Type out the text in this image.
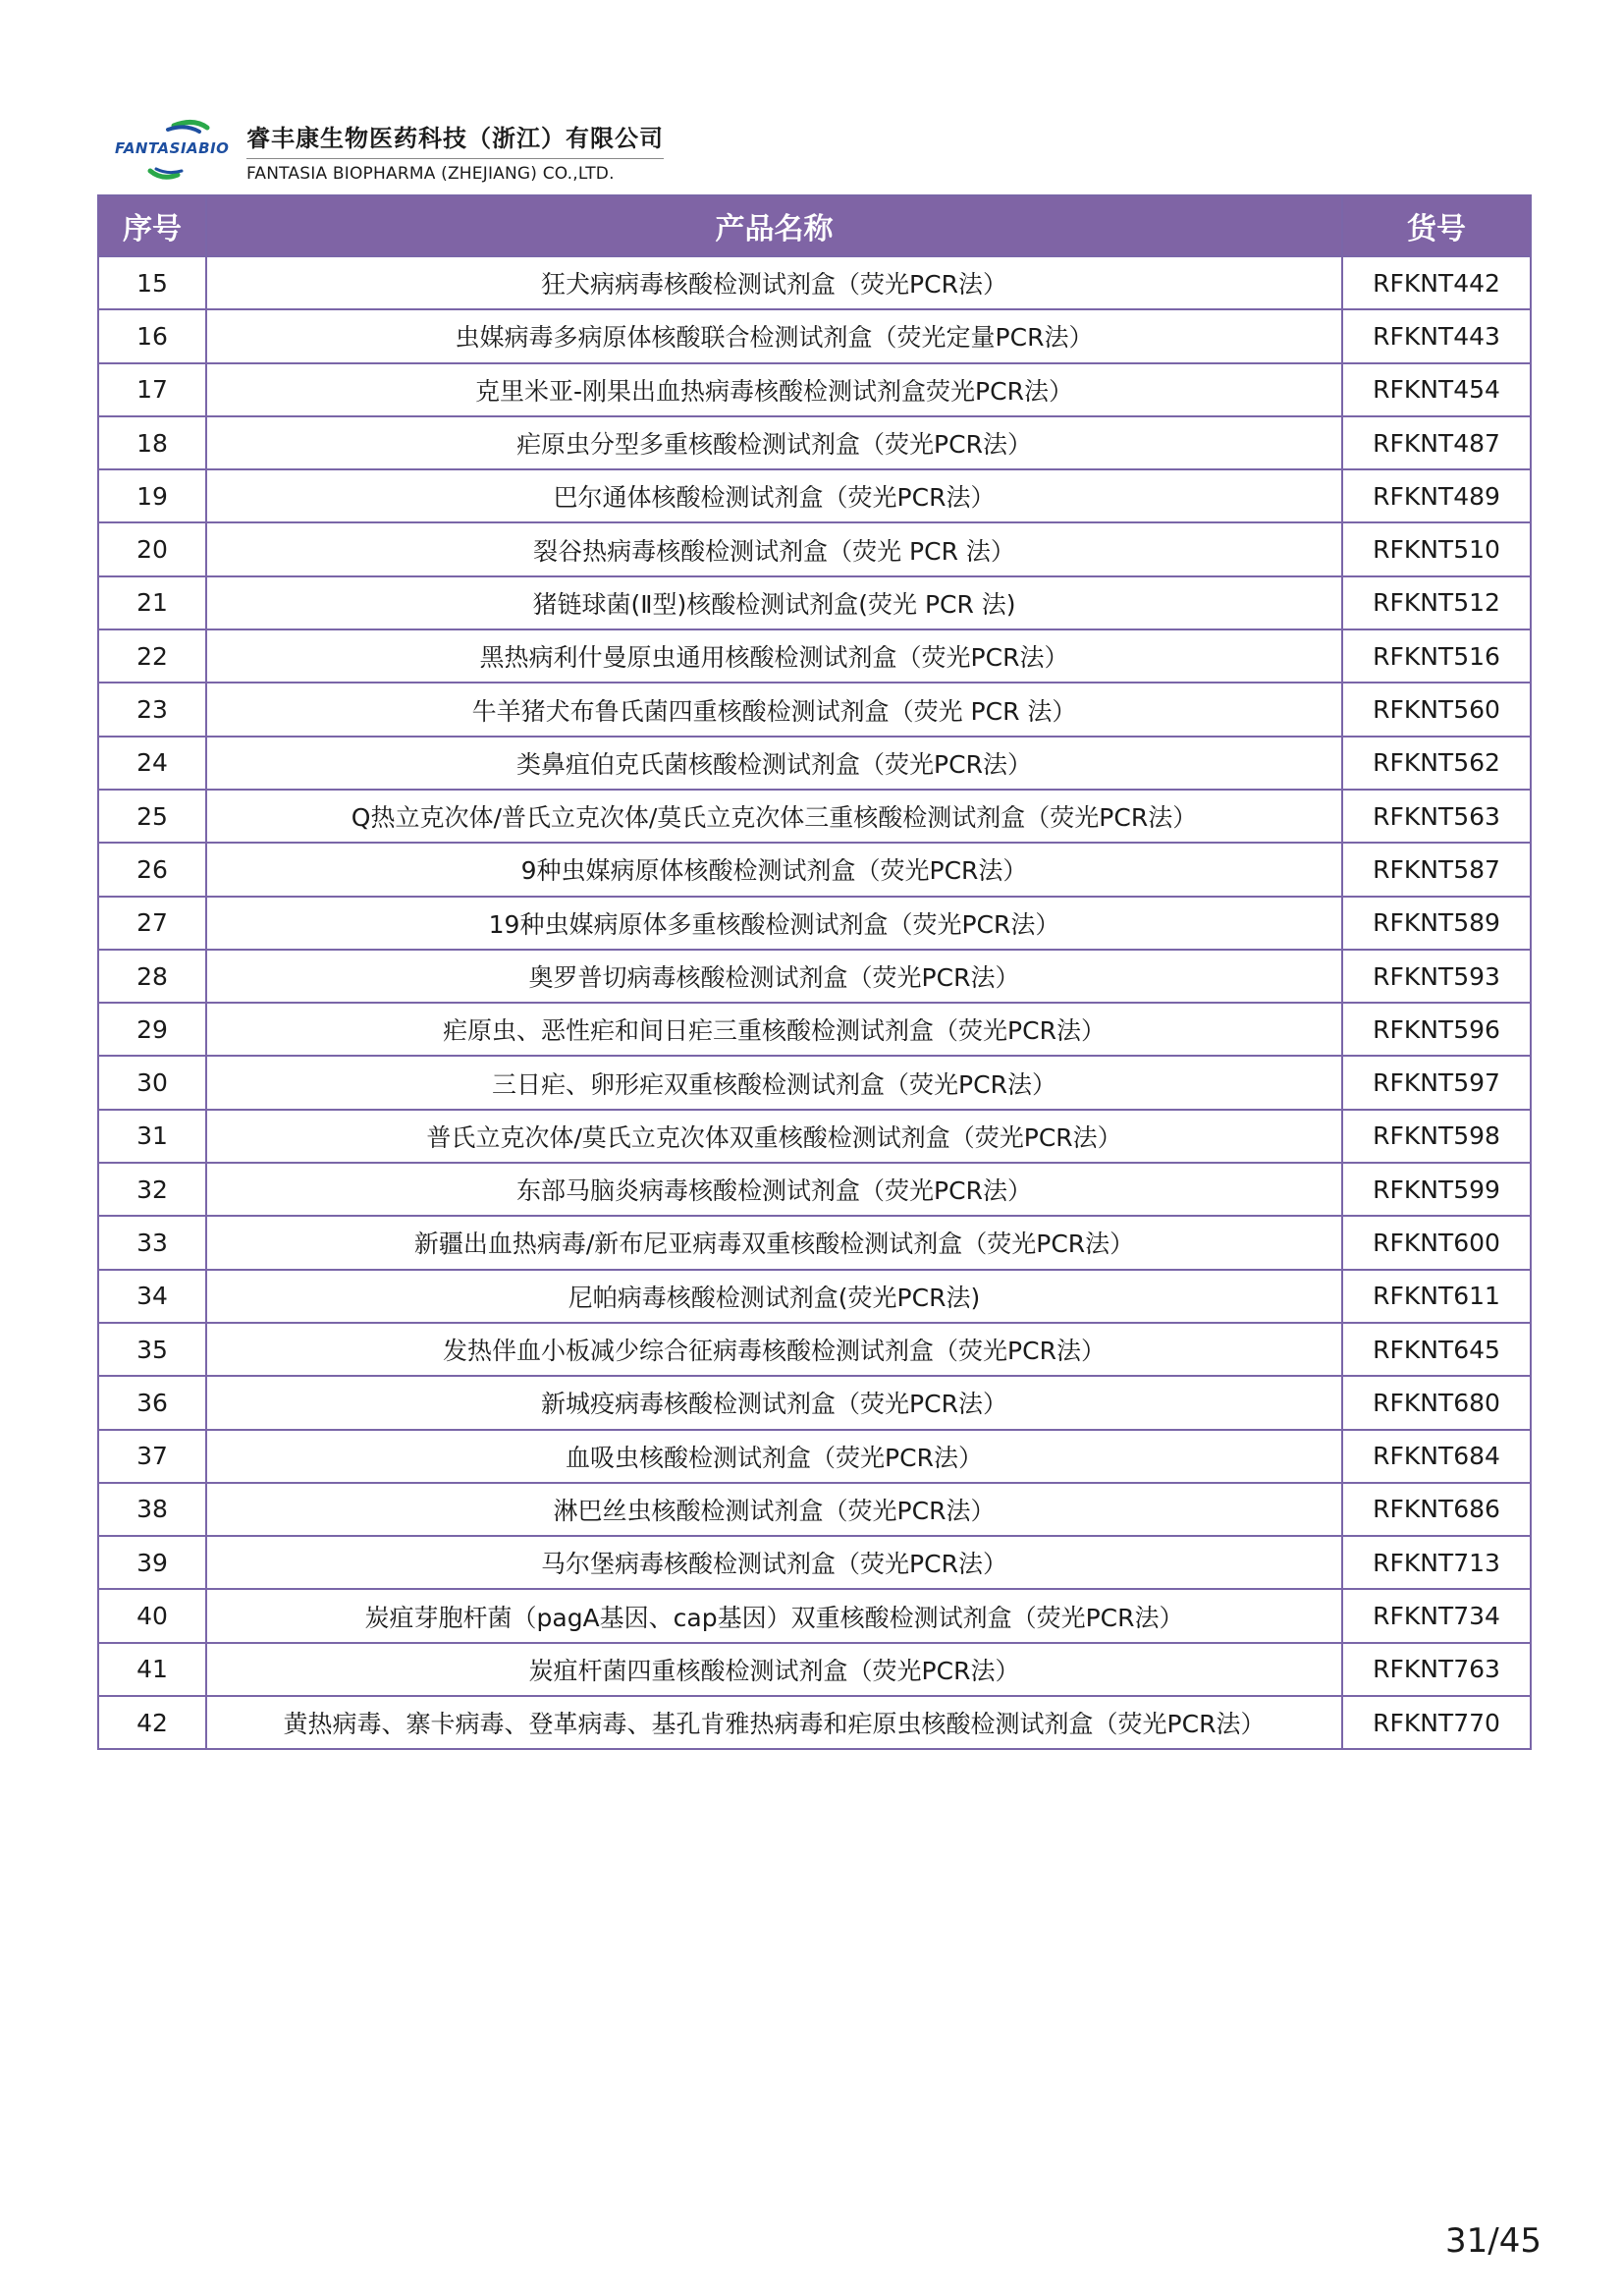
FANTASIABIO 睿丰康生物医药科技（浙江）有限公司
FANTASIA BIOPHARMA (ZHEJIANG) CO.,LTD.
序号	产品名称	货号
15	狂犬病病毒核酸检测试剂盒（荧光PCR法）	RFKNT442
16	虫媒病毒多病原体核酸联合检测试剂盒（荧光定量PCR法）	RFKNT443
17	克里米亚-刚果出血热病毒核酸检测试剂盒荧光PCR法）	RFKNT454
18	疟原虫分型多重核酸检测试剂盒（荧光PCR法）	RFKNT487
19	巴尔通体核酸检测试剂盒（荧光PCR法）	RFKNT489
20	裂谷热病毒核酸检测试剂盒（荧光 PCR 法）	RFKNT510
21	猪链球菌(Ⅱ型)核酸检测试剂盒(荧光 PCR 法)	RFKNT512
22	黑热病利什曼原虫通用核酸检测试剂盒（荧光PCR法）	RFKNT516
23	牛羊猪犬布鲁氏菌四重核酸检测试剂盒（荧光 PCR 法）	RFKNT560
24	类鼻疽伯克氏菌核酸检测试剂盒（荧光PCR法）	RFKNT562
25	Q热立克次体/普氏立克次体/莫氏立克次体三重核酸检测试剂盒（荧光PCR法）	RFKNT563
26	9种虫媒病原体核酸检测试剂盒（荧光PCR法）	RFKNT587
27	19种虫媒病原体多重核酸检测试剂盒（荧光PCR法）	RFKNT589
28	奥罗普切病毒核酸检测试剂盒（荧光PCR法）	RFKNT593
29	疟原虫、恶性疟和间日疟三重核酸检测试剂盒（荧光PCR法）	RFKNT596
30	三日疟、卵形疟双重核酸检测试剂盒（荧光PCR法）	RFKNT597
31	普氏立克次体/莫氏立克次体双重核酸检测试剂盒（荧光PCR法）	RFKNT598
32	东部马脑炎病毒核酸检测试剂盒（荧光PCR法）	RFKNT599
33	新疆出血热病毒/新布尼亚病毒双重核酸检测试剂盒（荧光PCR法）	RFKNT600
34	尼帕病毒核酸检测试剂盒(荧光PCR法)	RFKNT611
35	发热伴血小板减少综合征病毒核酸检测试剂盒（荧光PCR法）	RFKNT645
36	新城疫病毒核酸检测试剂盒（荧光PCR法）	RFKNT680
37	血吸虫核酸检测试剂盒（荧光PCR法）	RFKNT684
38	淋巴丝虫核酸检测试剂盒（荧光PCR法）	RFKNT686
39	马尔堡病毒核酸检测试剂盒（荧光PCR法）	RFKNT713
40	炭疽芽胞杆菌（pagA基因、cap基因）双重核酸检测试剂盒（荧光PCR法）	RFKNT734
41	炭疽杆菌四重核酸检测试剂盒（荧光PCR法）	RFKNT763
42	黄热病毒、寨卡病毒、登革病毒、基孔肯雅热病毒和疟原虫核酸检测试剂盒（荧光PCR法）	RFKNT770
31/45
